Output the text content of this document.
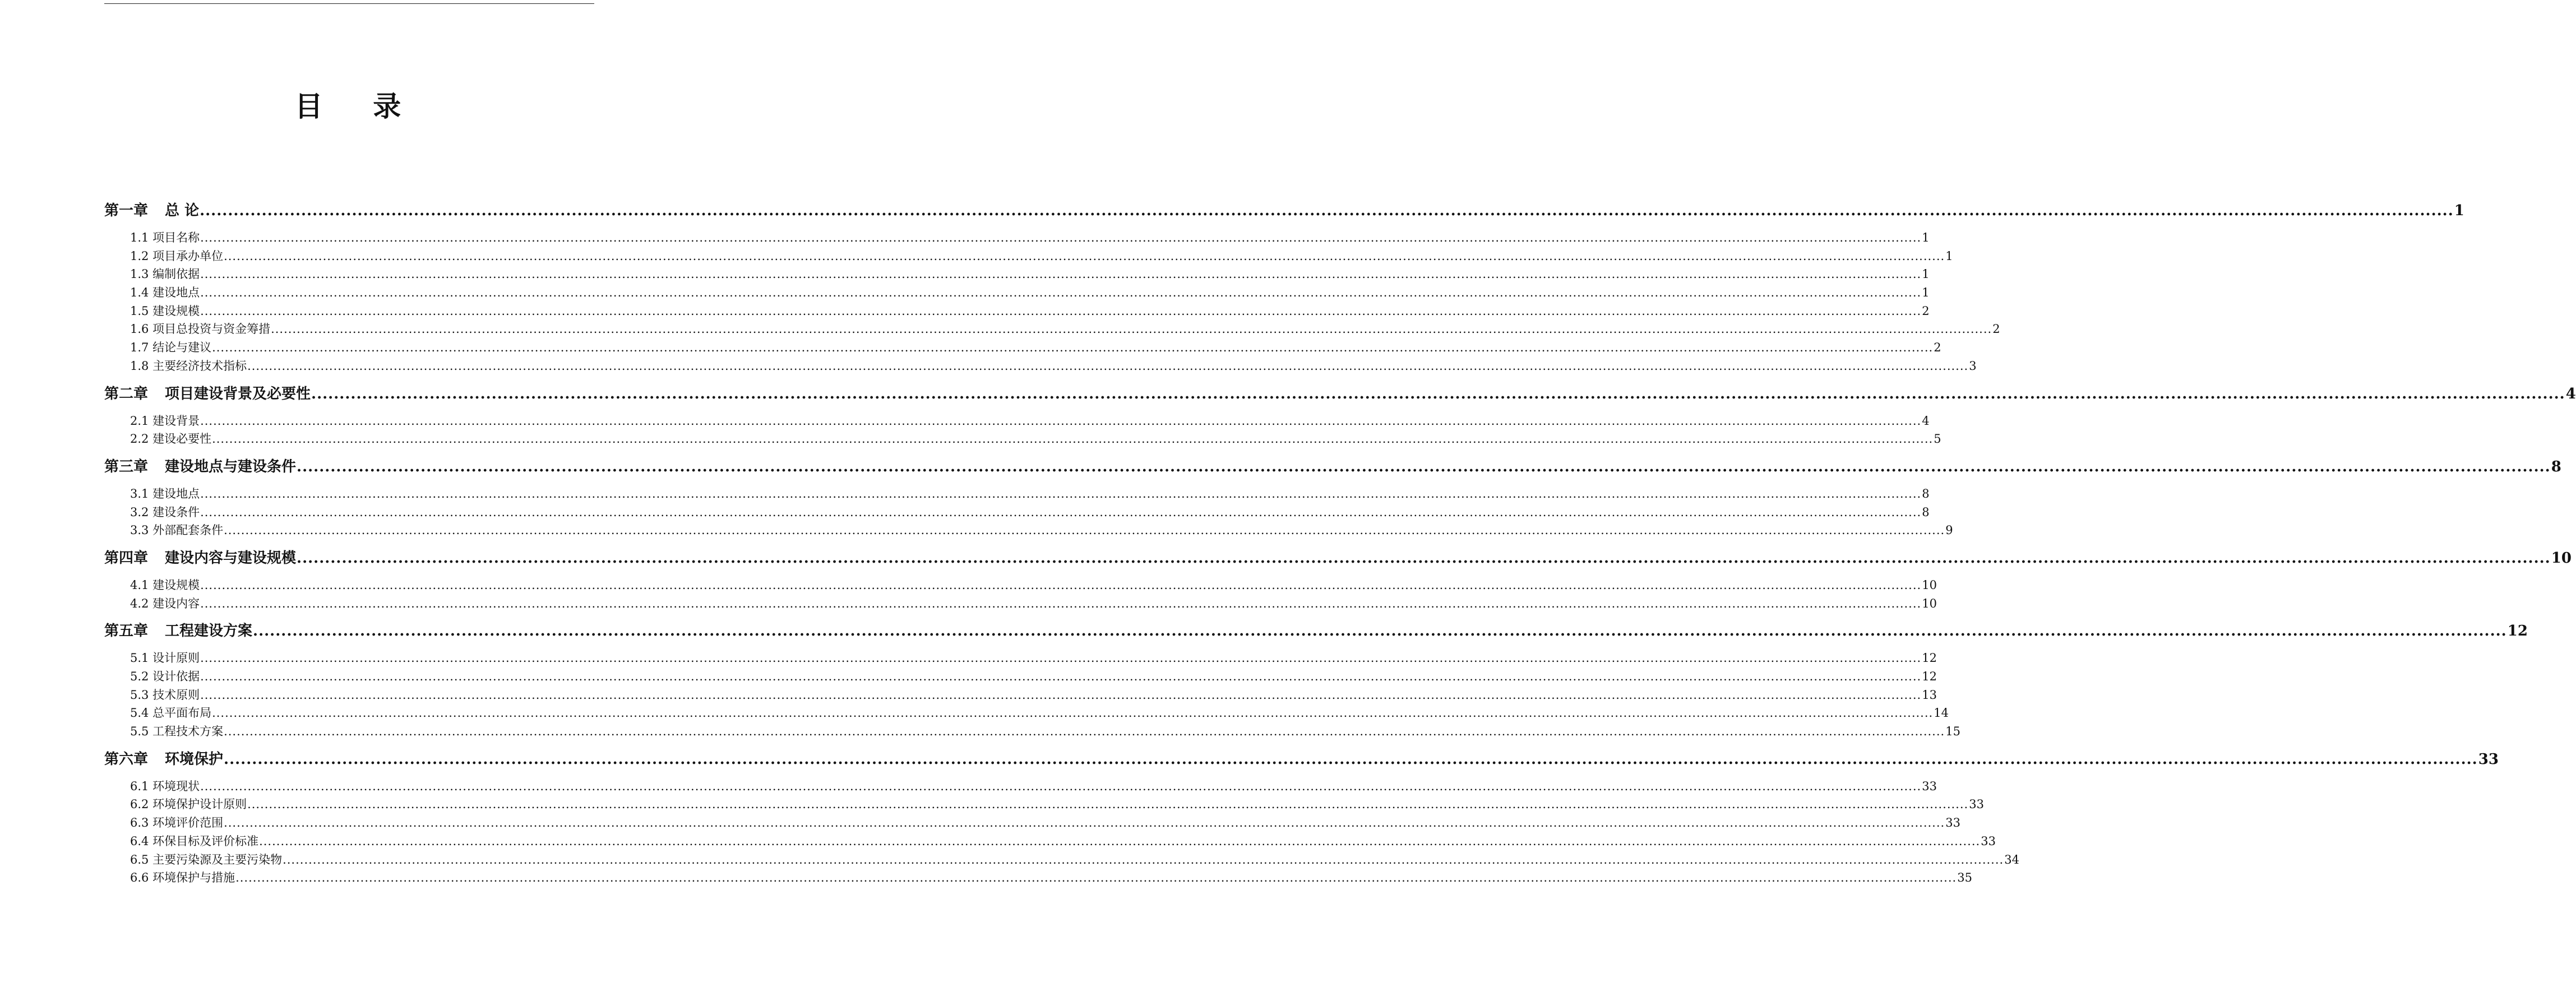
目 录
第一章 总 论 ................................................................................................................................................................................................................................................................................................................................................................................................................ 1
1.1 项目名称 ................................................................................................................................................................................................................................................................................................................................................................................................................ 1
1.2 项目承办单位 ................................................................................................................................................................................................................................................................................................................................................................................................................ 1
1.3 编制依据 ................................................................................................................................................................................................................................................................................................................................................................................................................ 1
1.4 建设地点 ................................................................................................................................................................................................................................................................................................................................................................................................................ 1
1.5 建设规模 ................................................................................................................................................................................................................................................................................................................................................................................................................ 2
1.6 项目总投资与资金筹措 ................................................................................................................................................................................................................................................................................................................................................................................................................ 2
1.7 结论与建议 ................................................................................................................................................................................................................................................................................................................................................................................................................ 2
1.8 主要经济技术指标 ................................................................................................................................................................................................................................................................................................................................................................................................................ 3
第二章 项目建设背景及必要性 ................................................................................................................................................................................................................................................................................................................................................................................................................ 4
2.1 建设背景 ................................................................................................................................................................................................................................................................................................................................................................................................................ 4
2.2 建设必要性 ................................................................................................................................................................................................................................................................................................................................................................................................................ 5
第三章 建设地点与建设条件 ................................................................................................................................................................................................................................................................................................................................................................................................................ 8
3.1 建设地点 ................................................................................................................................................................................................................................................................................................................................................................................................................ 8
3.2 建设条件 ................................................................................................................................................................................................................................................................................................................................................................................................................ 8
3.3 外部配套条件 ................................................................................................................................................................................................................................................................................................................................................................................................................ 9
第四章 建设内容与建设规模 ................................................................................................................................................................................................................................................................................................................................................................................................................ 10
4.1 建设规模 ................................................................................................................................................................................................................................................................................................................................................................................................................ 10
4.2 建设内容 ................................................................................................................................................................................................................................................................................................................................................................................................................ 10
第五章 工程建设方案 ................................................................................................................................................................................................................................................................................................................................................................................................................ 12
5.1 设计原则 ................................................................................................................................................................................................................................................................................................................................................................................................................ 12
5.2 设计依据 ................................................................................................................................................................................................................................................................................................................................................................................................................ 12
5.3 技术原则 ................................................................................................................................................................................................................................................................................................................................................................................................................ 13
5.4 总平面布局 ................................................................................................................................................................................................................................................................................................................................................................................................................ 14
5.5 工程技术方案 ................................................................................................................................................................................................................................................................................................................................................................................................................ 15
第六章 环境保护 ................................................................................................................................................................................................................................................................................................................................................................................................................ 33
6.1 环境现状 ................................................................................................................................................................................................................................................................................................................................................................................................................ 33
6.2 环境保护设计原则 ................................................................................................................................................................................................................................................................................................................................................................................................................ 33
6.3 环境评价范围 ................................................................................................................................................................................................................................................................................................................................................................................................................ 33
6.4 环保目标及评价标准 ................................................................................................................................................................................................................................................................................................................................................................................................................ 33
6.5 主要污染源及主要污染物 ................................................................................................................................................................................................................................................................................................................................................................................................................ 34
6.6 环境保护与措施 ................................................................................................................................................................................................................................................................................................................................................................................................................ 35
